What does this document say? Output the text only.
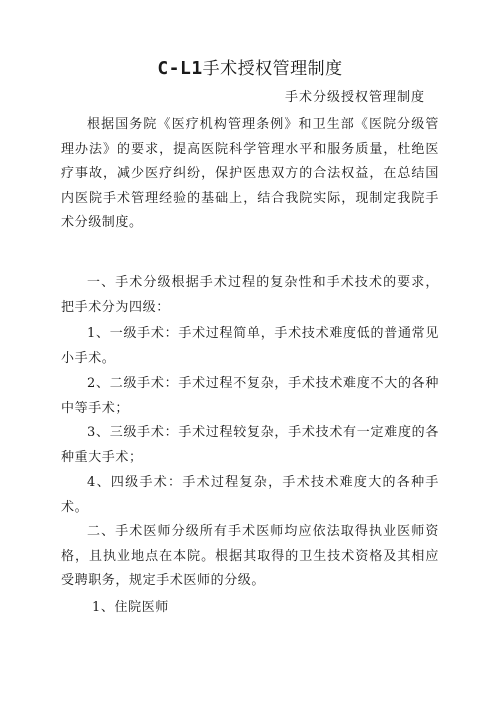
C-L1手术授权管理制度
手术分级授权管理制度
根据国务院《医疗机构管理条例》和卫生部《医院分级管理办法》的要求，提高医院科学管理水平和服务质量，杜绝医疗事故，减少医疗纠纷，保护医患双方的合法权益，在总结国内医院手术管理经验的基础上，结合我院实际，现制定我院手术分级制度。
一、手术分级根据手术过程的复杂性和手术技术的要求，把手术分为四级：
1、一级手术：手术过程简单，手术技术难度低的普通常见小手术。
2、二级手术：手术过程不复杂，手术技术难度不大的各种中等手术；
3、三级手术：手术过程较复杂，手术技术有一定难度的各种重大手术；
4、四级手术：手术过程复杂，手术技术难度大的各种手术。
二、手术医师分级所有手术医师均应依法取得执业医师资格，且执业地点在本院。根据其取得的卫生技术资格及其相应受聘职务，规定手术医师的分级。
1、住院医师
